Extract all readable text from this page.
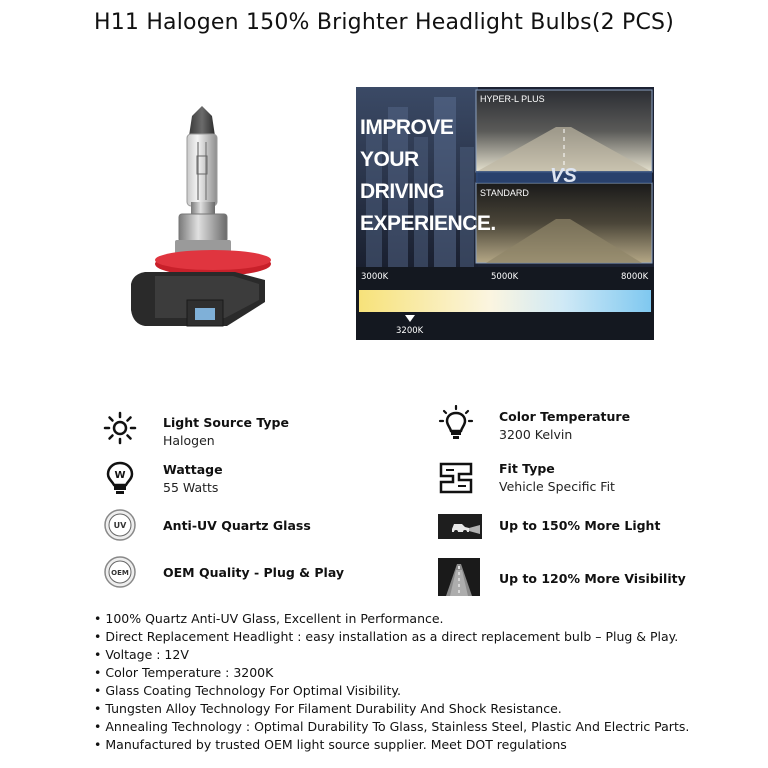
H11 Halogen 150% Brighter Headlight Bulbs(2 PCS)
IMPROVE
YOUR
DRIVING
EXPERIENCE.
HYPER-L PLUS
VS
STANDARD
3000K	5000K	8000K
3200K
Light Source Type
Halogen
W	Wattage
55 Watts
UV	Anti-UV Quartz Glass
OEM	OEM Quality - Plug & Play
Color Temperature
3200 Kelvin
Fit Type
Vehicle Specific Fit
Up to 150% More Light
Up to 120% More Visibility
• 100% Quartz Anti-UV Glass, Excellent in Performance.
• Direct Replacement Headlight : easy installation as a direct replacement bulb – Plug & Play.
• Voltage : 12V
• Color Temperature : 3200K
• Glass Coating Technology For Optimal Visibility.
• Tungsten Alloy Technology For Filament Durability And Shock Resistance.
• Annealing Technology : Optimal Durability To Glass, Stainless Steel, Plastic And Electric Parts.
• Manufactured by trusted OEM light source supplier. Meet DOT regulations
